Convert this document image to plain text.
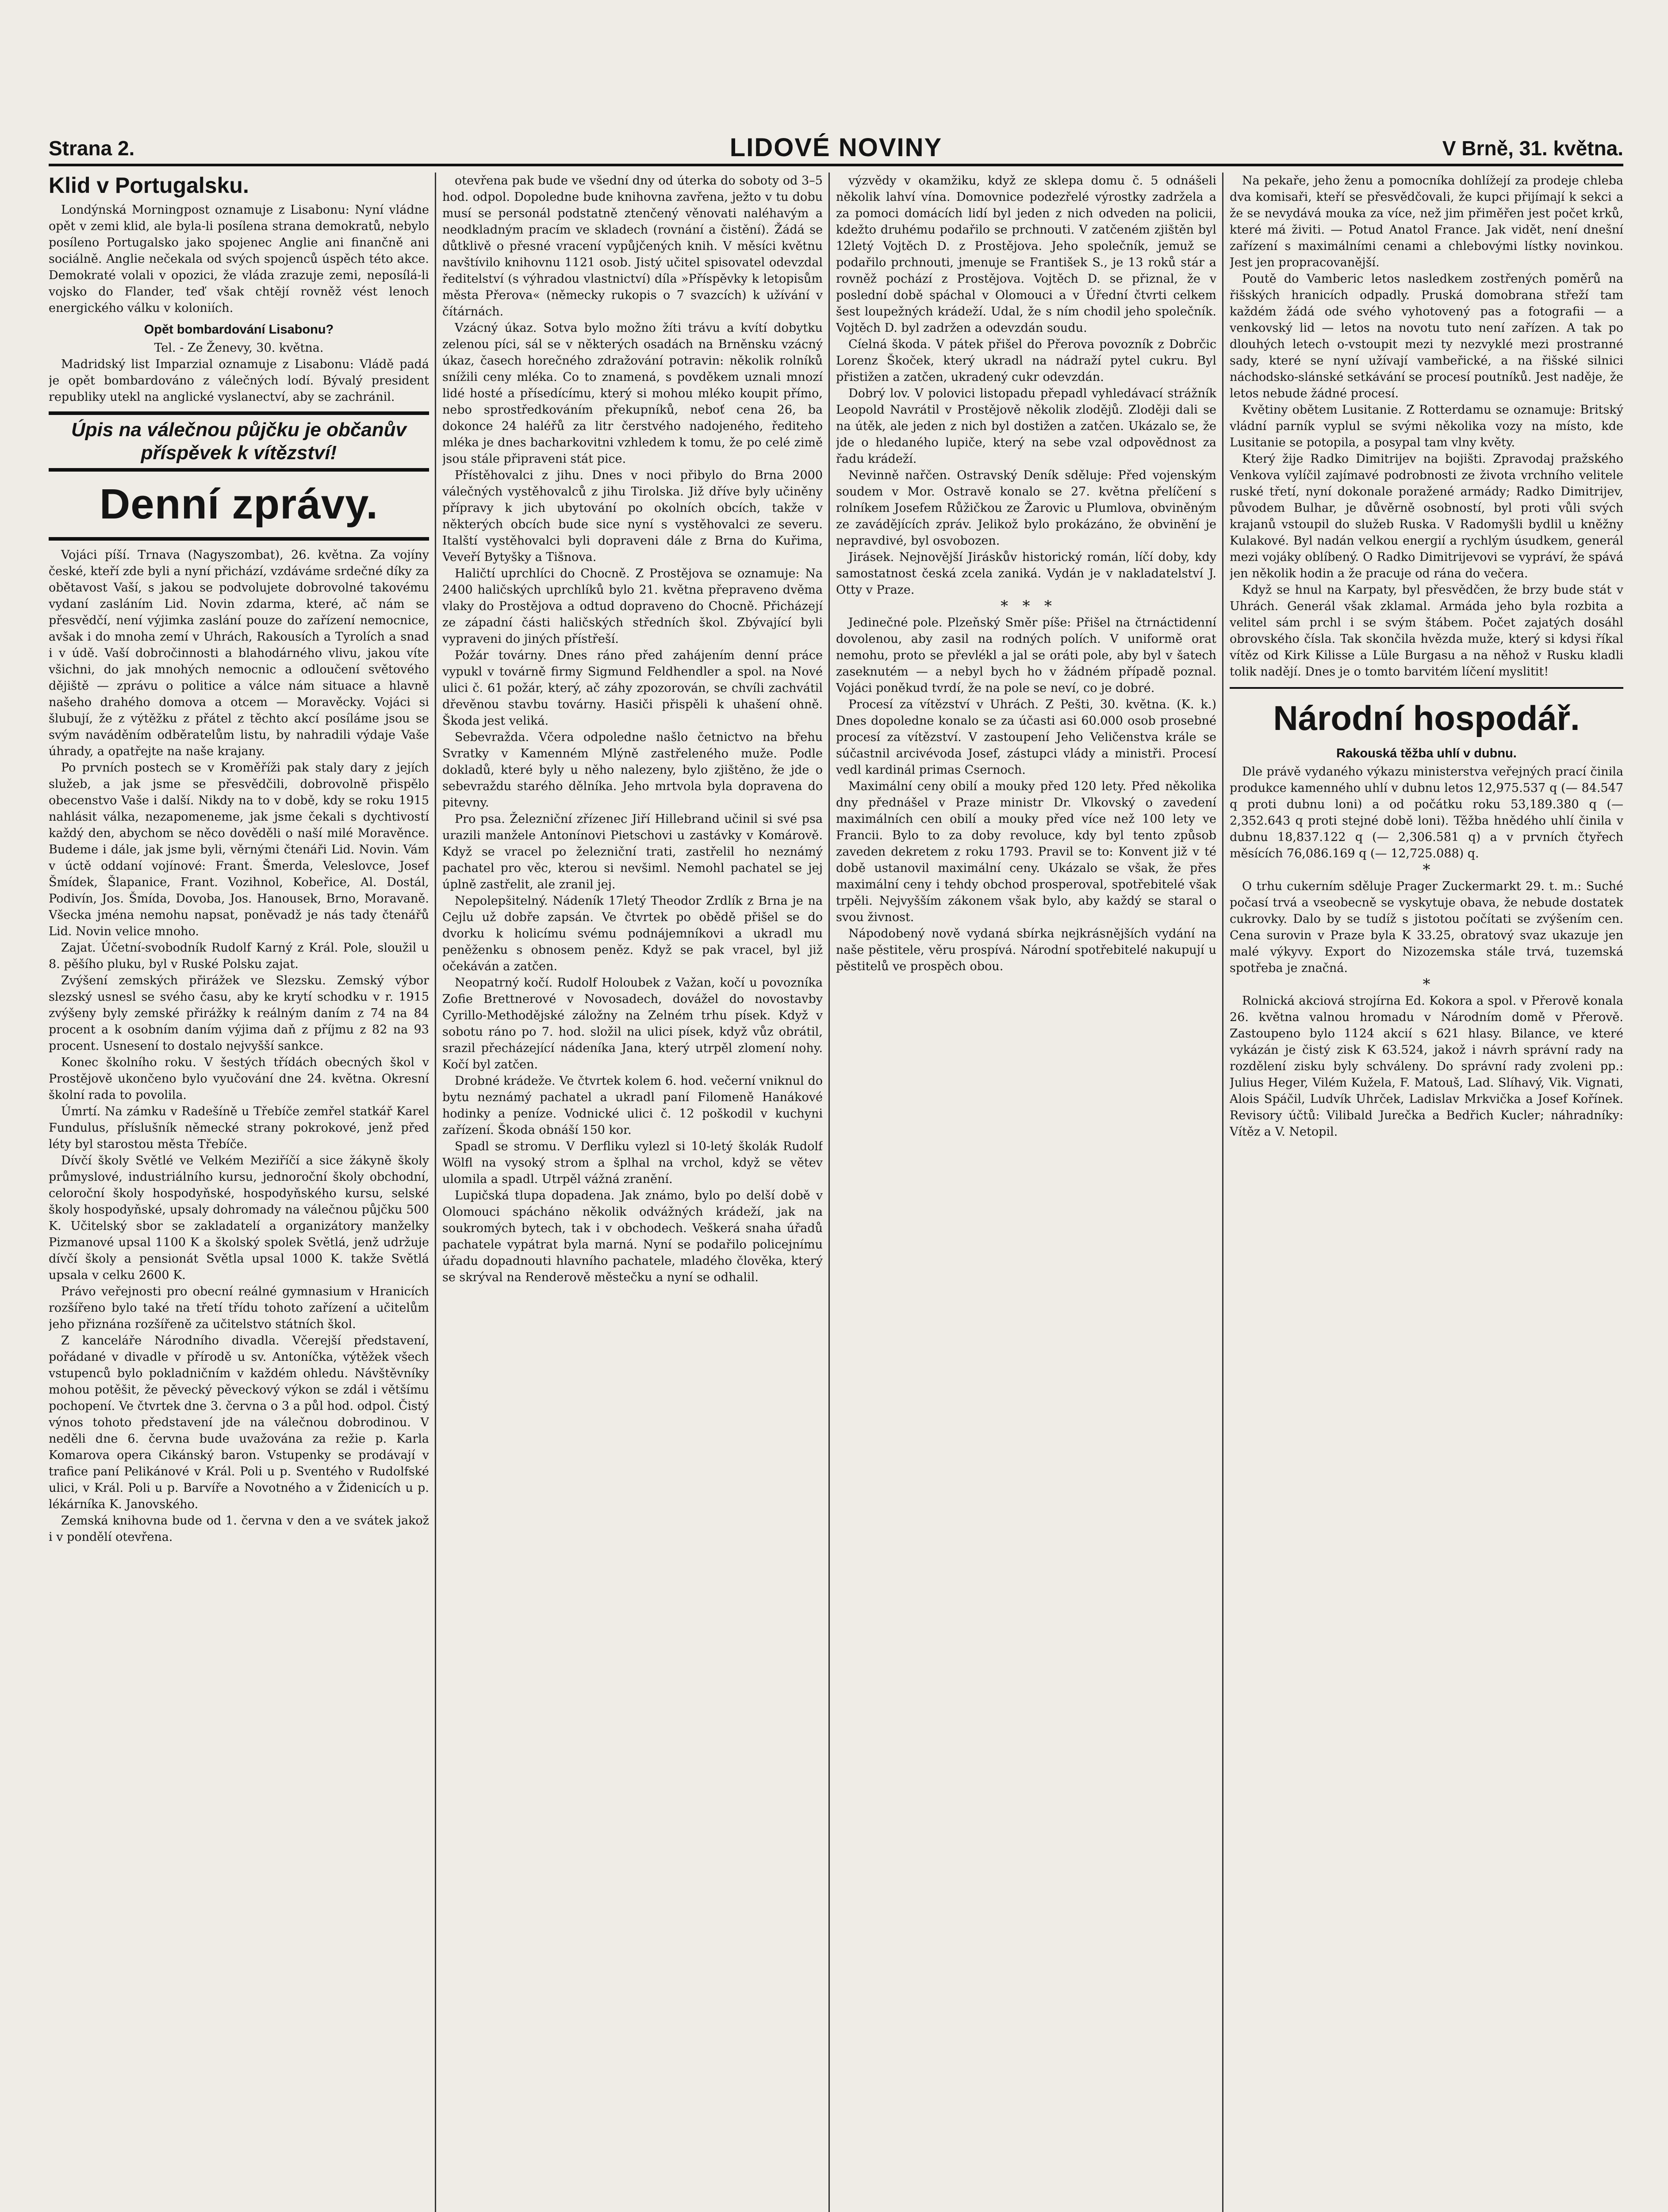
Strana 2.	LIDOVÉ NOVINY	V Brně, 31. května.
Klid v Portugalsku.

Londýnská Morningpost oznamuje z Lisabonu: Nyní vládne opět v zemi klid, ale byla-li posílena strana demokratů, nebylo posíleno Portugalsko jako spojenec Anglie ani finančně ani sociálně. Anglie nečekala od svých spojenců úspěch této akce. Demokraté volali v opozici, že vláda zrazuje zemi, neposílá-li vojsko do Flander, teď však chtějí rovněž vést lenoch energického válku v koloniích.

Opět bombardování Lisabonu?
Tel. - Ze Ženevy, 30. května.

Madridský list Imparzial oznamuje z Lisabonu: Vládě padá je opět bombardováno z válečných lodí. Bývalý president republiky utekl na anglické vyslanectví, aby se zachránil.

Úpis na válečnou půjčku je občanův příspěvek k vítězství!
Denní zprávy.

Vojáci píší. Trnava (Nagyszombat), 26. května. Za vojíny české, kteří zde byli a nyní přichází, vzdáváme srdečné díky za obětavost Vaší, s jakou se podvolujete dobrovolné takovému vydaní zasláním Lid. Novin zdarma, které, ač nám se přesvědčí, není výjimka zaslání pouze do zařízení nemocnice, avšak i do mnoha zemí v Uhrách, Rakousích a Tyrolích a snad i v údě. Vaší dobročinnosti a blahodárného vlivu, jakou víte všichni, do jak mnohých nemocnic a odloučení světového dějiště — zprávu o politice a válce nám situace a hlavně našeho drahého domova a otcem — Moravěcky. Vojáci si šlubují, že z výtěžku z přátel z těchto akcí posíláme jsou se svým naváděním odběratelům listu, by nahradili výdaje Vaše úhrady, a opatřejte na naše krajany.

Po prvních postech se v Kroměříži pak staly dary z jejích služeb, a jak jsme se přesvědčili, dobrovolně přispělo obecenstvo Vaše i další. Nikdy na to v době, kdy se roku 1915 nahlásit válka, nezapomeneme, jak jsme čekali s dychtivostí každý den, abychom se něco dověděli o naší milé Moravěnce. Budeme i dále, jak jsme byli, věrnými čtenáři Lid. Novin. Vám v úctě oddaní vojínové: Frant. Šmerda, Veleslovce, Josef Šmídek, Šlapanice, Frant. Vozihnol, Kobeřice, Al. Dostál, Podivín, Jos. Šmída, Dovoba, Jos. Hanousek, Brno, Moravaně. Všecka jména nemohu napsat, poněvadž je nás tady čtenářů Lid. Novin velice mnoho.

Zajat. Účetní-svobodník Rudolf Karný z Král. Pole, sloužil u 8. pěšího pluku, byl v Ruské Polsku zajat.

Zvýšení zemských přirážek ve Slezsku. Zemský výbor slezský usnesl se svého času, aby ke krytí schodku v r. 1915 zvýšeny byly zemské přirážky k reálným daním z 74 na 84 procent a k osobním daním výjima daň z příjmu z 82 na 93 procent. Usnesení to dostalo nejvyšší sankce.

Konec školního roku. V šestých třídách obecných škol v Prostějově ukončeno bylo vyučování dne 24. května. Okresní školní rada to povolila.

Úmrtí. Na zámku v Radešíně u Třebíče zemřel statkář Karel Fundulus, příslušník německé strany pokrokové, jenž před léty byl starostou města Třebíče.

Dívčí školy Světlé ve Velkém Meziříčí a sice žákyně školy průmyslové, industriálního kursu, jednoroční školy obchodní, celoroční školy hospodyňské, hospodyňského kursu, selské školy hospodyňské, upsaly dohromady na válečnou půjčku 500 K. Učitelský sbor se zakladatelí a organizátory manželky Pizmanové upsal 1100 K a školský spolek Světlá, jenž udržuje dívčí školy a pensionát Světla upsal 1000 K. takže Světlá upsala v celku 2600 K.

Právo veřejnosti pro obecní reálné gymnasium v Hranicích rozšířeno bylo také na třetí třídu tohoto zařízení a učitelům jeho přiznána rozšířeně za učitelstvo státních škol.

Z kanceláře Národního divadla. Včerejší představení, pořádané v divadle v přírodě u sv. Antoníčka, výtěžek všech vstupenců bylo pokladničním v každém ohledu. Návštěvníky mohou potěšit, že pěvecký pěveckový výkon se zdál i většímu pochopení. Ve čtvrtek dne 3. června o 3 a půl hod. odpol. Čistý výnos tohoto představení jde na válečnou dobrodinou. V neděli dne 6. června bude uvažována za režie p. Karla Komarova opera Cikánský baron. Vstupenky se prodávají v trafice paní Pelikánové v Král. Poli u p. Sventého v Rudolfské ulici, v Král. Poli u p. Barvíře a Novotného a v Židenicích u p. lékárníka K. Janovského.

Zemská knihovna bude od 1. června v den a ve svátek jakož i v pondělí otevřena.

otevřena pak bude ve všední dny od úterka do soboty od 3–5 hod. odpol. Dopoledne bude knihovna zavřena, ježto v tu dobu musí se personál podstatně ztenčený věnovati naléhavým a neodkladným pracím ve skladech (rovnání a čistění). Žádá se důtklivě o přesné vracení vypůjčených knih. V měsíci květnu navštívilo knihovnu 1121 osob. Jistý učitel spisovatel odevzdal ředitelství (s výhradou vlastnictví) díla »Příspěvky k letopisům města Přerova« (německy rukopis o 7 svazcích) k užívání v čítárnách.

Vzácný úkaz. Sotva bylo možno žíti trávu a kvítí dobytku zelenou píci, sál se v některých osadách na Brněnsku vzácný úkaz, časech horečného zdražování potravin: několik rolníků snížili ceny mléka. Co to znamená, s povděkem uznali mnozí lidé hosté a přísedícímu, který si mohou mléko koupit přímo, nebo sprostředkováním překupníků, neboť cena 26, ba dokonce 24 haléřů za litr čerstvého nadojeného, řediteho mléka je dnes bacharkovitni vzhledem k tomu, že po celé zimě jsou stále připraveni stát pice.

Přístěhovalci z jihu. Dnes v noci přibylo do Brna 2000 válečných vystěhovalců z jihu Tirolska. Již dříve byly učiněny přípravy k jich ubytování po okolních obcích, takže v některých obcích bude sice nyní s vystěhovalci ze severu. Italští vystěhovalci byli dopraveni dále z Brna do Kuřima, Veveří Bytyšky a Tišnova.

Haličtí uprchlíci do Chocně. Z Prostějova se oznamuje: Na 2400 haličských uprchlíků bylo 21. května přepraveno dvěma vlaky do Prostějova a odtud dopraveno do Chocně. Přicházejí ze západní části haličských středních škol. Zbývající byli vypraveni do jiných přístřeší.

Požár továrny. Dnes ráno před zahájením denní práce vypukl v továrně firmy Sigmund Feldhendler a spol. na Nové ulici č. 61 požár, který, ač záhy zpozorován, se chvíli zachvátil dřevěnou stavbu továrny. Hasiči přispěli k uhašení ohně. Škoda jest veliká.

Sebevražda. Včera odpoledne našlo četnictvo na břehu Svratky v Kamenném Mlýně zastřeleného muže. Podle dokladů, které byly u něho nalezeny, bylo zjištěno, že jde o sebevraždu starého dělníka. Jeho mrtvola byla dopravena do pitevny.

Pro psa. Železniční zřízenec Jiří Hillebrand učinil si své psa urazili manžele Antonínovi Pietschovi u zastávky v Komárově. Když se vracel po železniční trati, zastřelil ho neznámý pachatel pro věc, kterou si nevšiml. Nemohl pachatel se jej úplně zastřelit, ale zranil jej.

Nepolepšitelný. Nádeník 17letý Theodor Zrdlík z Brna je na Cejlu už dobře zapsán. Ve čtvrtek po obědě přišel se do dvorku k holicímu svému podnájemníkovi a ukradl mu peněženku s obnosem peněz. Když se pak vracel, byl již očekáván a zatčen.

Neopatrný kočí. Rudolf Holoubek z Važan, kočí u povozníka Zofie Brettnerové v Novosadech, dovážel do novostavby Cyrillo-Methodějské záložny na Zelném trhu písek. Když v sobotu ráno po 7. hod. složil na ulici písek, když vůz obrátil, srazil přecházející nádeníka Jana, který utrpěl zlomení nohy. Kočí byl zatčen.

Drobné krádeže. Ve čtvrtek kolem 6. hod. večerní vniknul do bytu neznámý pachatel a ukradl paní Filomeně Hanákové hodinky a peníze. Vodnické ulici č. 12 poškodil v kuchyni zařízení. Škoda obnáší 150 kor.

Spadl se stromu. V Derfliku vylezl si 10-letý školák Rudolf Wölfl na vysoký strom a šplhal na vrchol, když se větev ulomila a spadl. Utrpěl vážná zranění.

Lupičská tlupa dopadena. Jak známo, bylo po delší době v Olomouci spácháno několik odvážných krádeží, jak na soukromých bytech, tak i v obchodech. Veškerá snaha úřadů pachatele vypátrat byla marná. Nyní se podařilo policejnímu úřadu dopadnouti hlavního pachatele, mladého člověka, který se skrýval na Renderově městečku a nyní se odhalil.

výzvědy v okamžiku, když ze sklepa domu č. 5 odnášeli několik lahví vína. Domovnice podezřelé výrostky zadržela a za pomoci domácích lidí byl jeden z nich odveden na policii, kdežto druhému podařilo se prchnouti. V zatčeném zjištěn byl 12letý Vojtěch D. z Prostějova. Jeho společník, jemuž se podařilo prchnouti, jmenuje se František S., je 13 roků stár a rovněž pochází z Prostějova. Vojtěch D. se přiznal, že v poslední době spáchal v Olomouci a v Úřední čtvrti celkem šest loupežných krádeží. Udal, že s ním chodil jeho společník. Vojtěch D. byl zadržen a odevzdán soudu.

Cíelná škoda. V pátek přišel do Přerova povozník z Dobrčic Lorenz Škoček, který ukradl na nádraží pytel cukru. Byl přistižen a zatčen, ukradený cukr odevzdán.

Dobrý lov. V polovici listopadu přepadl vyhledávací strážník Leopold Navrátil v Prostějově několik zlodějů. Zloději dali se na útěk, ale jeden z nich byl dostižen a zatčen. Ukázalo se, že jde o hledaného lupiče, který na sebe vzal odpovědnost za řadu krádeží.

Nevinně nařčen. Ostravský Deník sděluje: Před vojenským soudem v Mor. Ostravě konalo se 27. května přelíčení s rolníkem Josefem Růžičkou ze Žarovic u Plumlova, obviněným ze zavádějících zpráv. Jelikož bylo prokázáno, že obvinění je nepravdivé, byl osvobozen.

Jirásek. Nejnovější Jiráskův historický román, líčí doby, kdy samostatnost česká zcela zaniká. Vydán je v nakladatelství J. Otty v Praze.

*   *   *

Jedinečné pole. Plzeňský Směr píše: Přišel na čtrnáctidenní dovolenou, aby zasil na rodných polích. V uniformě orat nemohu, proto se převlékl a jal se oráti pole, aby byl v šatech zaseknutém — a nebyl bych ho v žádném případě poznal. Vojáci poněkud tvrdí, že na pole se neví, co je dobré.

Procesí za vítězství v Uhrách. Z Pešti, 30. května. (K. k.) Dnes dopoledne konalo se za účasti asi 60.000 osob prosebné procesí za vítězství. V zastoupení Jeho Veličenstva krále se súčastnil arcivévoda Josef, zástupci vlády a ministři. Procesí vedl kardinál primas Csernoch.

Maximální ceny obilí a mouky před 120 lety. Před několika dny přednášel v Praze ministr Dr. Vlkovský o zavedení maximálních cen obilí a mouky před více než 100 lety ve Francii. Bylo to za doby revoluce, kdy byl tento způsob zaveden dekretem z roku 1793. Pravil se to: Konvent již v té době ustanovil maximální ceny. Ukázalo se však, že přes maximální ceny i tehdy obchod prosperoval, spotřebitelé však trpěli. Nejvyšším zákonem však bylo, aby každý se staral o svou živnost.

Nápodobený nově vydaná sbírka nejkrásnějších vydání na naše pěstitele, věru prospívá. Národní spotřebitelé nakupují u pěstitelů ve prospěch obou.

Na pekaře, jeho ženu a pomocníka dohlížejí za prodeje chleba dva komisaři, kteří se přesvědčovali, že kupci přijímají k sekci a že se nevydává mouka za více, než jim přiměřen jest počet krků, které má živiti. — Potud Anatol France. Jak vidět, není dnešní zařízení s maximálními cenami a chlebovými lístky novinkou. Jest jen propracovanější.

Poutě do Vamberic letos nasledkem zostřených poměrů na řišských hranicích odpadly. Pruská domobrana střeží tam každém žádá ode svého vyhotovený pas a fotografii — a venkovský lid — letos na novotu tuto není zařízen. A tak po dlouhých letech o-vstoupit mezi ty nezvyklé mezi prostranné sady, které se nyní užívají vambeřické, a na řišské silnici náchodsko-slánské setkávání se procesí poutníků. Jest naděje, že letos nebude žádné procesí.

Květiny obětem Lusitanie. Z Rotterdamu se oznamuje: Britský vládní parník vyplul se svými několika vozy na místo, kde Lusitanie se potopila, a posypal tam vlny květy.

Který žije Radko Dimitrijev na bojišti. Zpravodaj pražského Venkova vylíčil zajímavé podrobnosti ze života vrchního velitele ruské třetí, nyní dokonale poražené armády; Radko Dimitrijev, původem Bulhar, je důvěrně osobností, byl proti vůli svých krajanů vstoupil do služeb Ruska. V Radomyšli bydlil u kněžny Kulakové. Byl nadán velkou energií a rychlým úsudkem, generál mezi vojáky oblíbený. O Radko Dimitrijevovi se vypráví, že spává jen několik hodin a že pracuje od rána do večera.

Když se hnul na Karpaty, byl přesvědčen, že brzy bude stát v Uhrách. Generál však zklamal. Armáda jeho byla rozbita a velitel sám prchl i se svým štábem. Počet zajatých dosáhl obrovského čísla. Tak skončila hvězda muže, který si kdysi říkal vítěz od Kirk Kilisse a Lüle Burgasu a na něhož v Rusku kladli tolik nadějí. Dnes je o tomto barvitém líčení myslitit!

Národní hospodář.
Rakouská těžba uhlí v dubnu.

Dle právě vydaného výkazu ministerstva veřejných prací činila produkce kamenného uhlí v dubnu letos 12,975.537 q (— 84.547 q proti dubnu loni) a od počátku roku 53,189.380 q (— 2,352.643 q proti stejné době loni). Těžba hnědého uhlí činila v dubnu 18,837.122 q (— 2,306.581 q) a v prvních čtyřech měsících 76,086.169 q (— 12,725.088) q.

*

O trhu cukerním sděluje Prager Zuckermarkt 29. t. m.: Suché počasí trvá a vseobecně se vyskytuje obava, že nebude dostatek cukrovky. Dalo by se tudíž s jistotou počítati se zvýšením cen. Cena surovin v Praze byla K 33.25, obratový svaz ukazuje jen malé výkyvy. Export do Nizozemska stále trvá, tuzemská spotřeba je značná.

*

Rolnická akciová strojírna Ed. Kokora a spol. v Přerově konala 26. května valnou hromadu v Národním domě v Přerově. Zastoupeno bylo 1124 akcií s 621 hlasy. Bilance, ve které vykázán je čistý zisk K 63.524, jakož i návrh správní rady na rozdělení zisku byly schváleny. Do správní rady zvoleni pp.: Julius Heger, Vilém Kužela, F. Matouš, Lad. Slíhavý, Vik. Vignati, Alois Spáčil, Ludvík Uhrček, Ladislav Mrkvička a Josef Kořínek. Revisory účtů: Vilibald Jurečka a Bedřich Kucler; náhradníky: Vítěz a V. Netopil.
